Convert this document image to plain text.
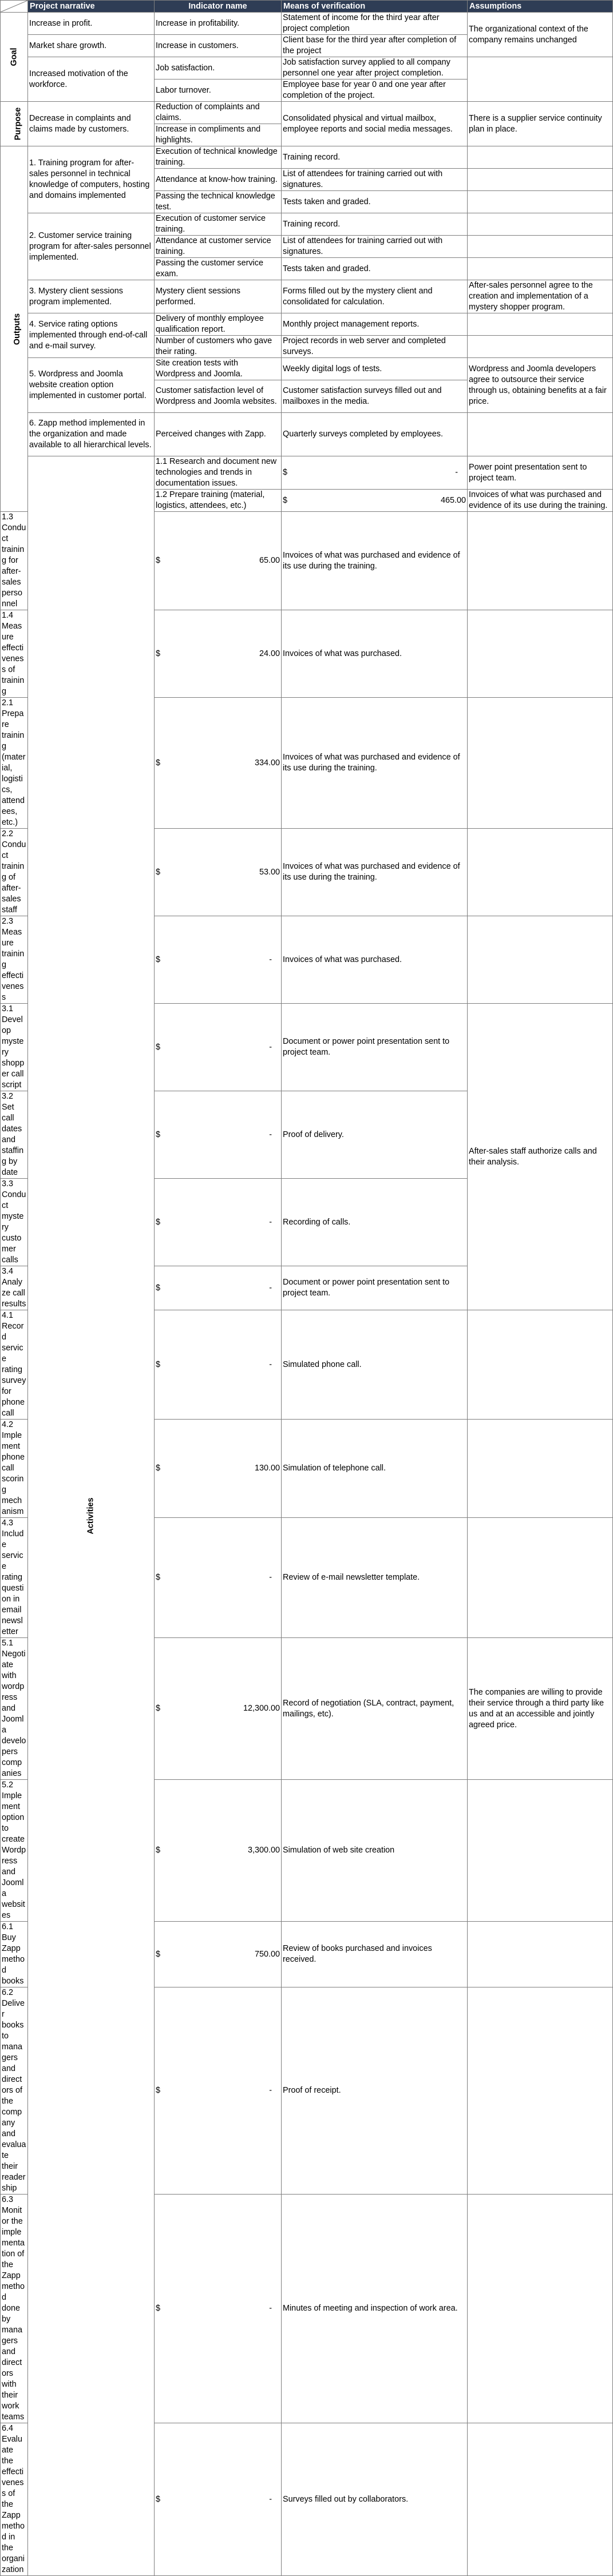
	Project narrative	Indicator name	Means of verification	Assumptions	
Goal	Increase in profit.	Increase in profitability.	Statement of income for the third year after project completion	The organizational context of the company remains unchanged	
	Market share growth.	Increase in customers.	Client base for the third year after completion of the project		
	Increased motivation of the workforce.	Job satisfaction.	Job satisfaction survey applied to all company personnel one year after project completion.		
		Labor turnover.	Employee base for year 0 and one year after completion of the project.		
Purpose	Decrease in complaints and claims made by customers.	Reduction of complaints and claims.	Consolidated physical and virtual mailbox, employee reports and social media messages.	There is a supplier service continuity plan in place.	
		Increase in compliments and highlights.			
Outputs	1. Training program for after-sales personnel in technical knowledge of computers, hosting and domains implemented	Execution of technical knowledge training.	Training record.		
		Attendance at know-how training.	List of attendees for training carried out with signatures.		
		Passing the technical knowledge test.	Tests taken and graded.		
	2. Customer service training program for after-sales personnel implemented.	Execution of customer service training.	Training record.		
		Attendance at customer service training.	List of attendees for training carried out with signatures.		
		Passing the customer service exam.	Tests taken and graded.		
	3. Mystery client sessions program implemented.	Mystery client sessions performed.	Forms filled out by the mystery client and consolidated for calculation.	After-sales personnel agree to the creation and implementation of a mystery shopper program.	
	4. Service rating options implemented through end-of-call and e-mail survey.	Delivery of monthly employee qualification report.	Monthly project management reports.		
		Number of customers who gave their rating.	Project records in web server and completed surveys.		
	5. Wordpress and Joomla website creation option implemented in customer portal.	Site creation tests with Wordpress and Joomla.	Weekly digital logs of tests.	Wordpress and Joomla developers agree to outsource their service through us, obtaining benefits at a fair price.	
		Customer satisfaction level of Wordpress and Joomla websites.	Customer satisfaction surveys filled out and mailboxes in the media.		
	6. Zapp method implemented in the organization and made available to all hierarchical levels.	Perceived changes with Zapp.	Quarterly surveys completed by employees.		
	Activities	1.1 Research and document new technologies and trends in documentation issues.	$ -	Power point presentation sent to project team.	
		1.2 Prepare training (material, logistics, attendees, etc.)	$ 465.00	Invoices of what was purchased and evidence of its use during the training.	
1.3 Conduct training for after-sales personnel		$ 65.00	Invoices of what was purchased and evidence of its use during the training.		
1.4 Measure effectiveness of training		$ 24.00	Invoices of what was purchased.		
2.1 Prepare training (material, logistics, attendees, etc.)		$ 334.00	Invoices of what was purchased and evidence of its use during the training.		
2.2 Conduct training of after-sales staff		$ 53.00	Invoices of what was purchased and evidence of its use during the training.		
2.3 Measure training effectiveness		$ -	Invoices of what was purchased.		
3.1 Develop mystery shopper call script		$ -	Document or power point presentation sent to project team.	After-sales staff authorize calls and their analysis.	
3.2 Set call dates and staffing by date		$ -	Proof of delivery.		
3.3 Conduct mystery customer calls		$ -	Recording of calls.		
3.4 Analyze call results		$ -	Document or power point presentation sent to project team.		
4.1 Record service rating survey for phone call		$ -	Simulated phone call.		
4.2 Implement phone call scoring mechanism		$ 130.00	Simulation of telephone call.		
4.3 Include service rating question in email newsletter		$ -	Review of e-mail newsletter template.		
5.1 Negotiate with wordpress and Joomla developers companies		$ 12,300.00	Record of negotiation (SLA, contract, payment, mailings, etc).	The companies are willing to provide their service through a third party like us and at an accessible and jointly agreed price.	
5.2 Implement option to create Wordpress and Joomla websites		$ 3,300.00	Simulation of web site creation		
6.1 Buy Zapp method books		$ 750.00	Review of books purchased and invoices received.		
6.2 Deliver books to managers and directors of the company and evaluate their readership		$ -	Proof of receipt.		
6.3 Monitor the implementation of the Zapp method done by managers and directors with their work teams		$ -	Minutes of meeting and inspection of work area.		
6.4 Evaluate the effectiveness of the Zapp method in the organization		$ -	Surveys filled out by collaborators.		
